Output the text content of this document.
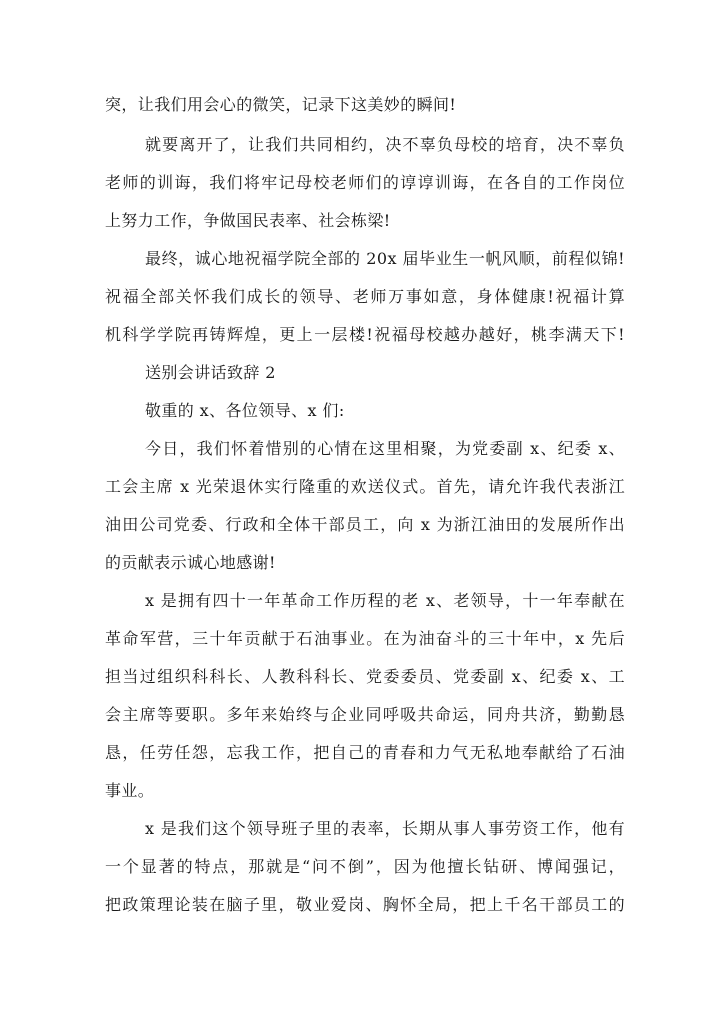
突，让我们用会心的微笑，记录下这美妙的瞬间!
就要离开了，让我们共同相约，决不辜负母校的培育，决不辜负
老师的训诲，我们将牢记母校老师们的谆谆训诲，在各自的工作岗位
上努力工作，争做国民表率、社会栋梁!
最终，诚心地祝福学院全部的 20x 届毕业生一帆风顺，前程似锦!
祝福全部关怀我们成长的领导、老师万事如意，身体健康!祝福计算
机科学学院再铸辉煌，更上一层楼!祝福母校越办越好，桃李满天下!
送别会讲话致辞 2
敬重的 x、各位领导、x 们:
今日，我们怀着惜别的心情在这里相聚，为党委副 x、纪委 x、
工会主席 x 光荣退休实行隆重的欢送仪式。首先，请允许我代表浙江
油田公司党委、行政和全体干部员工，向 x 为浙江油田的发展所作出
的贡献表示诚心地感谢!
x 是拥有四十一年革命工作历程的老 x、老领导，十一年奉献在
革命军营，三十年贡献于石油事业。在为油奋斗的三十年中，x 先后
担当过组织科科长、人教科科长、党委委员、党委副 x、纪委 x、工
会主席等要职。多年来始终与企业同呼吸共命运，同舟共济，勤勤恳
恳，任劳任怨，忘我工作，把自己的青春和力气无私地奉献给了石油
事业。
x 是我们这个领导班子里的表率，长期从事人事劳资工作，他有
一个显著的特点，那就是“问不倒”，因为他擅长钻研、博闻强记，
把政策理论装在脑子里，敬业爱岗、胸怀全局，把上千名干部员工的
